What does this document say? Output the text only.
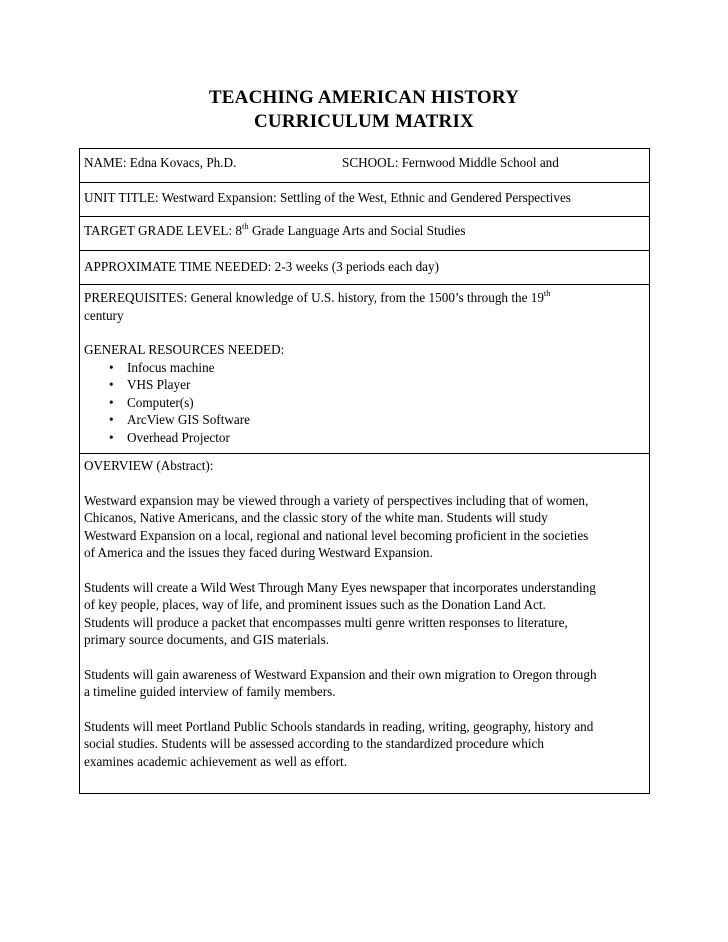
TEACHING AMERICAN HISTORY
CURRICULUM MATRIX
NAME: Edna Kovacs, Ph.D.	SCHOOL: Fernwood Middle School and
UNIT TITLE: Westward Expansion: Settling of the West, Ethnic and Gendered Perspectives
TARGET GRADE LEVEL: 8th Grade Language Arts and Social Studies
APPROXIMATE TIME NEEDED: 2-3 weeks (3 periods each day)
PREREQUISITES: General knowledge of U.S. history, from the 1500’s through the 19th
century
GENERAL RESOURCES NEEDED:
• Infocus machine
• VHS Player
• Computer(s)
• ArcView GIS Software
• Overhead Projector
OVERVIEW (Abstract):
Westward expansion may be viewed through a variety of perspectives including that of women,
Chicanos, Native Americans, and the classic story of the white man. Students will study
Westward Expansion on a local, regional and national level becoming proficient in the societies
of America and the issues they faced during Westward Expansion.
Students will create a Wild West Through Many Eyes newspaper that incorporates understanding
of key people, places, way of life, and prominent issues such as the Donation Land Act.
Students will produce a packet that encompasses multi genre written responses to literature,
primary source documents, and GIS materials.
Students will gain awareness of Westward Expansion and their own migration to Oregon through
a timeline guided interview of family members.
Students will meet Portland Public Schools standards in reading, writing, geography, history and
social studies. Students will be assessed according to the standardized procedure which
examines academic achievement as well as effort.
